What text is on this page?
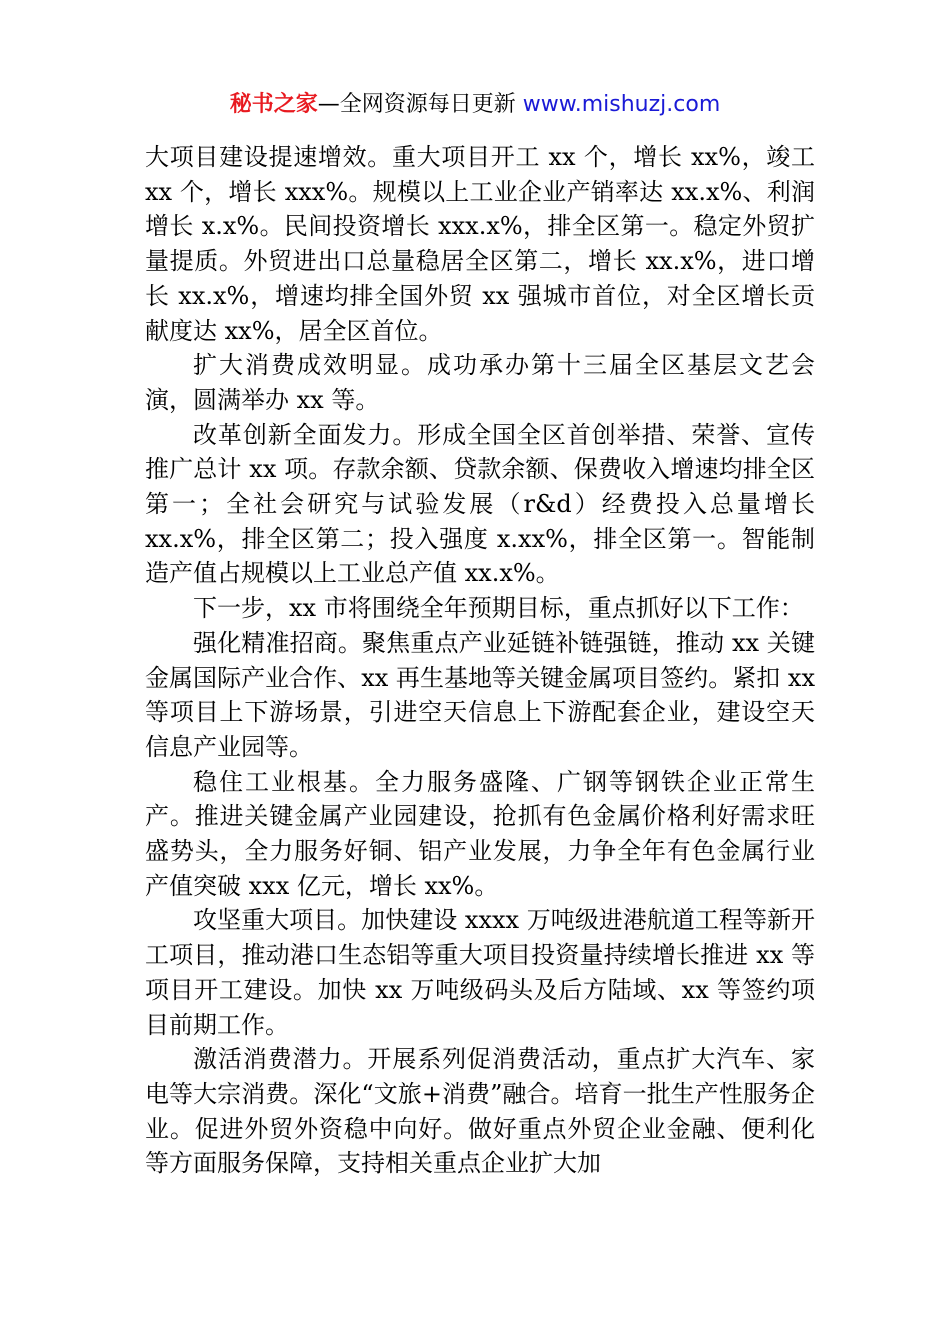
秘书之家—全网资源每日更新 www.mishuzj.com

大项目建设提速增效。重大项目开工 xx 个，增长 xx%，竣工 xx 个，增长 xxx%。规模以上工业企业产销率达 xx.x%、利润增长 x.x%。民间投资增长 xxx.x%，排全区第一。稳定外贸扩量提质。外贸进出口总量稳居全区第二，增长 xx.x%，进口增长 xx.x%，增速均排全国外贸 xx 强城市首位，对全区增长贡献度达 xx%，居全区首位。

扩大消费成效明显。成功承办第十三届全区基层文艺会演，圆满举办 xx 等。

改革创新全面发力。形成全国全区首创举措、荣誉、宣传推广总计 xx 项。存款余额、贷款余额、保费收入增速均排全区第一；全社会研究与试验发展（r&d）经费投入总量增长 xx.x%，排全区第二；投入强度 x.xx%，排全区第一。智能制造产值占规模以上工业总产值 xx.x%。

下一步，xx 市将围绕全年预期目标，重点抓好以下工作：

强化精准招商。聚焦重点产业延链补链强链，推动 xx 关键金属国际产业合作、xx 再生基地等关键金属项目签约。紧扣 xx 等项目上下游场景，引进空天信息上下游配套企业，建设空天信息产业园等。

稳住工业根基。全力服务盛隆、广钢等钢铁企业正常生产。推进关键金属产业园建设，抢抓有色金属价格利好需求旺盛势头，全力服务好铜、铝产业发展，力争全年有色金属行业产值突破 xxx 亿元，增长 xx%。

攻坚重大项目。加快建设 xxxx 万吨级进港航道工程等新开工项目，推动港口生态铝等重大项目投资量持续增长推进 xx 等项目开工建设。加快 xx 万吨级码头及后方陆域、xx 等签约项目前期工作。

激活消费潜力。开展系列促消费活动，重点扩大汽车、家电等大宗消费。深化“文旅+消费”融合。培育一批生产性服务企业。促进外贸外资稳中向好。做好重点外贸企业金融、便利化等方面服务保障，支持相关重点企业扩大加
